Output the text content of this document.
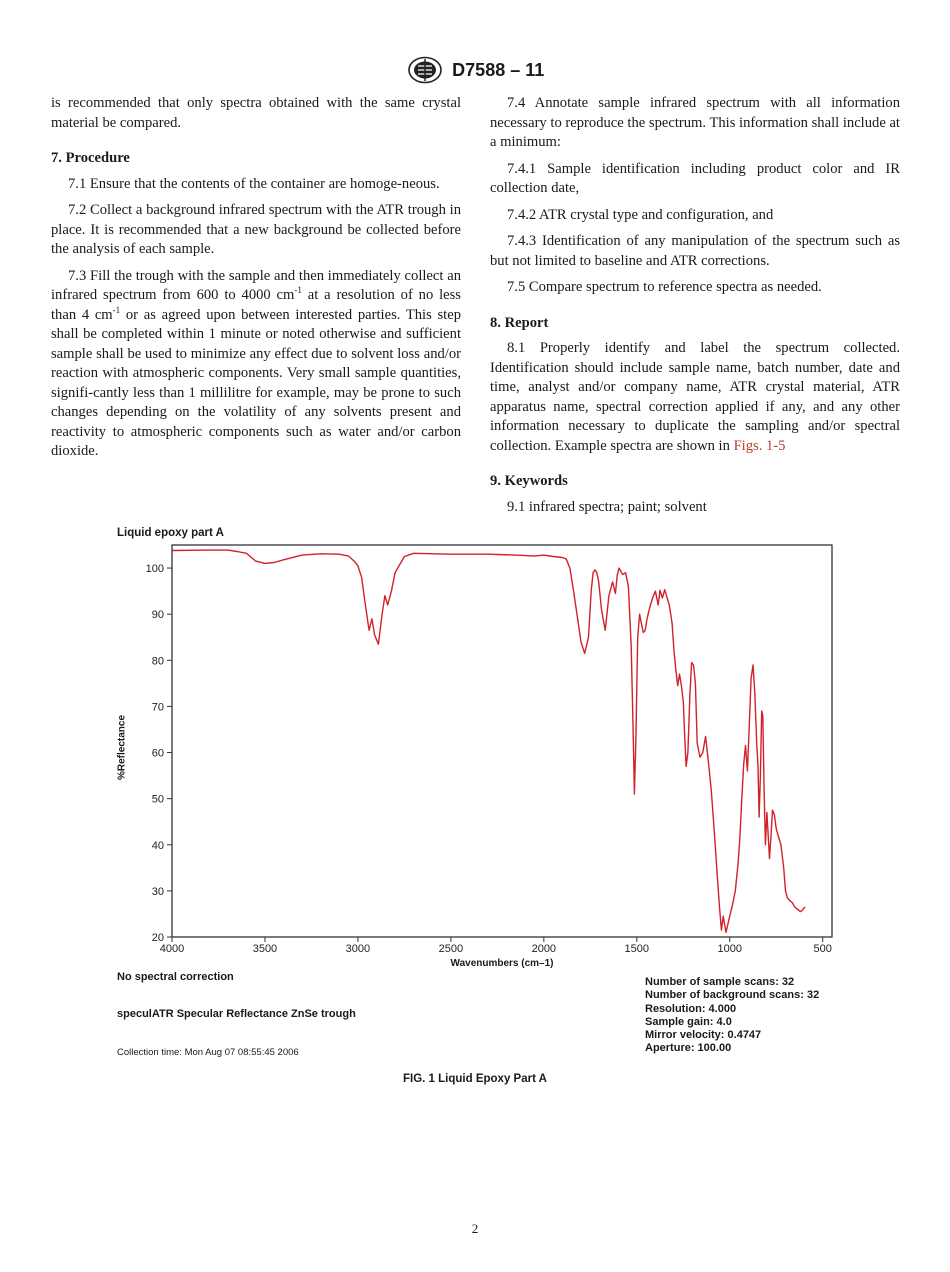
D7588 – 11

is recommended that only spectra obtained with the same crystal material be compared.

7. Procedure

7.1 Ensure that the contents of the container are homoge-neous.

7.2 Collect a background infrared spectrum with the ATR trough in place. It is recommended that a new background be collected before the analysis of each sample.

7.3 Fill the trough with the sample and then immediately collect an infrared spectrum from 600 to 4000 $cm^{-1}$ at a resolution of no less than 4 $cm^{-1}$ or as agreed upon between interested parties. This step shall be completed within 1 minute or noted otherwise and sufficient sample shall be used to minimize any effect due to solvent loss and/or reaction with atmospheric components. Very small sample quantities, signifi-cantly less than 1 millilitre for example, may be prone to such changes depending on the volatility of any solvents present and reactivity to atmospheric components such as water and/or carbon dioxide.

7.4 Annotate sample infrared spectrum with all information necessary to reproduce the spectrum. This information shall include at a minimum:

7.4.1 Sample identification including product color and IR collection date,

7.4.2 ATR crystal type and configuration, and

7.4.3 Identification of any manipulation of the spectrum such as but not limited to baseline and ATR corrections.

7.5 Compare spectrum to reference spectra as needed.

8. Report

8.1 Properly identify and label the spectrum collected. Identification should include sample name, batch number, date and time, analyst and/or company name, ATR crystal material, ATR apparatus name, spectral correction applied if any, and any other information necessary to duplicate the sampling and/or spectral collection. Example spectra are shown in Figs. 1-5

9. Keywords

9.1 infrared spectra; paint; solvent

Liquid epoxy part A
20
30
40
50
60
70
80
90
100
4000	3500	3000	2500	2000	1500	1000	500
%Reflectance
Wavenumbers (cm–1)
No spectral correction
speculATR Specular Reflectance ZnSe trough
Collection time: Mon Aug 07 08:55:45 2006
Number of sample scans: 32
Number of background scans: 32
Resolution: 4.000
Sample gain: 4.0
Mirror velocity: 0.4747
Aperture: 100.00
FIG. 1 Liquid Epoxy Part A
2
